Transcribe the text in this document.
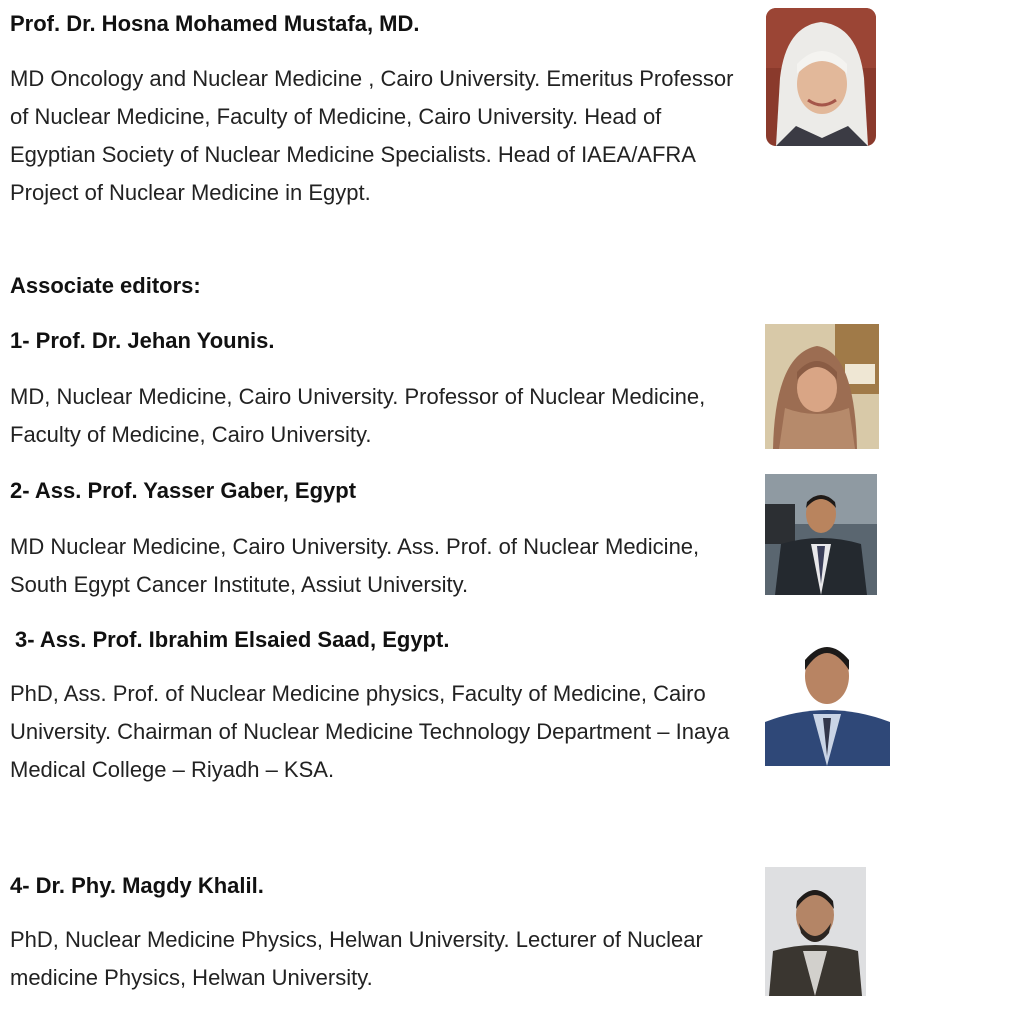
Prof. Dr. Hosna Mohamed Mustafa, MD.

MD Oncology and Nuclear Medicine , Cairo University. Emeritus Professor of Nuclear Medicine, Faculty of Medicine, Cairo University. Head of Egyptian Society of Nuclear Medicine Specialists. Head of IAEA/AFRA Project of Nuclear Medicine in Egypt.

Associate editors:

1- Prof. Dr. Jehan Younis.

MD, Nuclear Medicine, Cairo University. Professor of Nuclear Medicine, Faculty of Medicine, Cairo University.

2- Ass. Prof. Yasser Gaber, Egypt

MD Nuclear Medicine, Cairo University. Ass. Prof. of Nuclear Medicine, South Egypt Cancer Institute, Assiut University.

3- Ass. Prof. Ibrahim Elsaied Saad, Egypt.

PhD, Ass. Prof. of Nuclear Medicine physics, Faculty of Medicine, Cairo University. Chairman of Nuclear Medicine Technology Department – Inaya Medical College – Riyadh – KSA.

4- Dr. Phy. Magdy Khalil.

PhD, Nuclear Medicine Physics, Helwan University. Lecturer of Nuclear medicine Physics, Helwan University.
